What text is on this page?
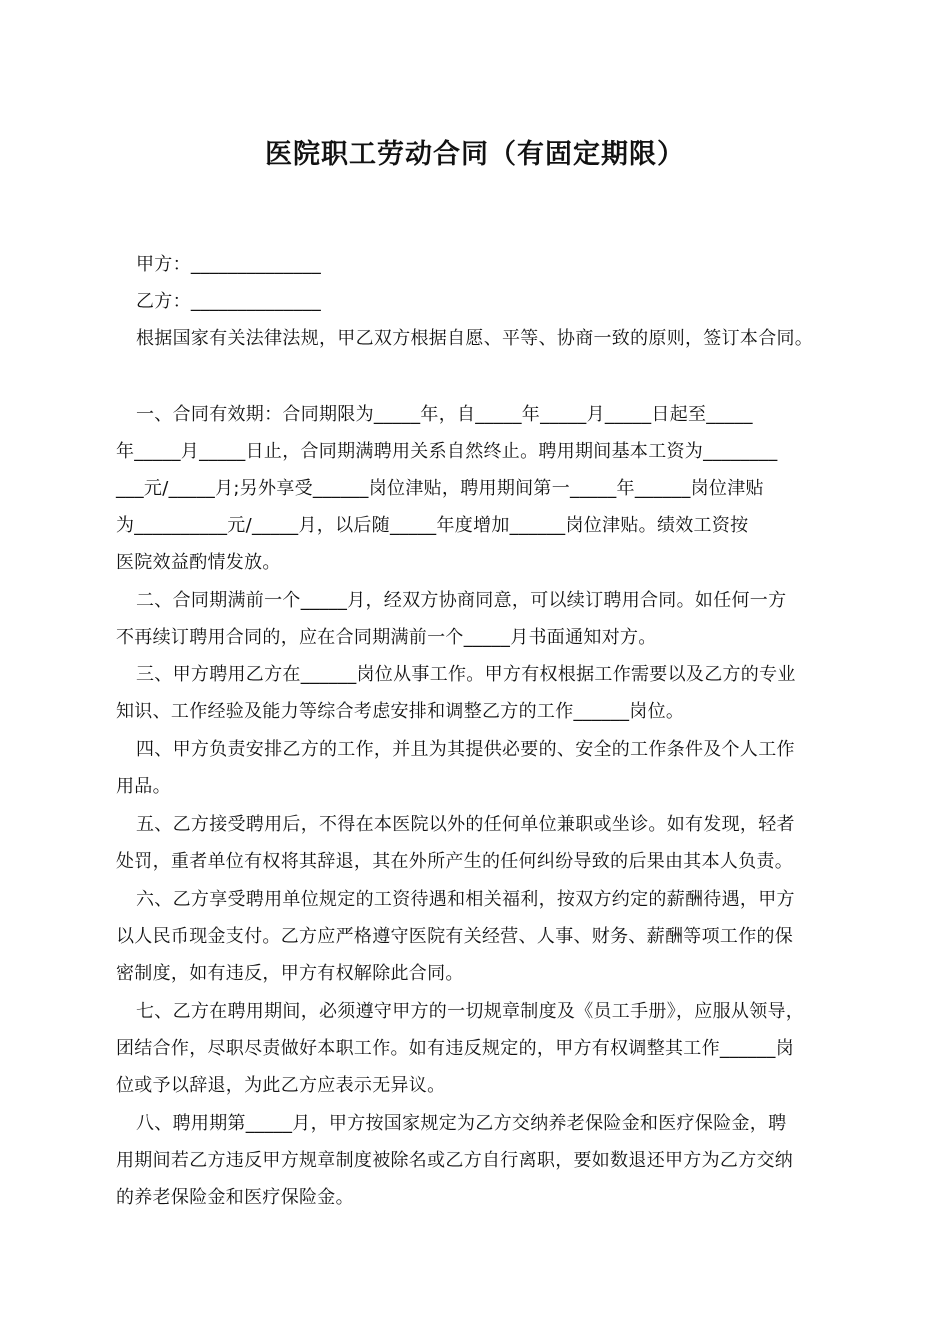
医院职工劳动合同（有固定期限）
甲方：______________
乙方：______________
根据国家有关法律法规，甲乙双方根据自愿、平等、协商一致的原则，签订本合同。
一、合同有效期：合同期限为_____年，自_____年_____月_____日起至_____
年_____月_____日止，合同期满聘用关系自然终止。聘用期间基本工资为________
___元/_____月;另外享受______岗位津贴，聘用期间第一_____年______岗位津贴
为__________元/_____月，以后随_____年度增加______岗位津贴。绩效工资按
医院效益酌情发放。
二、合同期满前一个_____月，经双方协商同意，可以续订聘用合同。如任何一方
不再续订聘用合同的，应在合同期满前一个_____月书面通知对方。
三、甲方聘用乙方在______岗位从事工作。甲方有权根据工作需要以及乙方的专业
知识、工作经验及能力等综合考虑安排和调整乙方的工作______岗位。
四、甲方负责安排乙方的工作，并且为其提供必要的、安全的工作条件及个人工作
用品。
五、乙方接受聘用后，不得在本医院以外的任何单位兼职或坐诊。如有发现，轻者
处罚，重者单位有权将其辞退，其在外所产生的任何纠纷导致的后果由其本人负责。
六、乙方享受聘用单位规定的工资待遇和相关福利，按双方约定的薪酬待遇，甲方
以人民币现金支付。乙方应严格遵守医院有关经营、人事、财务、薪酬等项工作的保
密制度，如有违反，甲方有权解除此合同。
七、乙方在聘用期间，必须遵守甲方的一切规章制度及《员工手册》，应服从领导，
团结合作，尽职尽责做好本职工作。如有违反规定的，甲方有权调整其工作______岗
位或予以辞退，为此乙方应表示无异议。
八、聘用期第_____月，甲方按国家规定为乙方交纳养老保险金和医疗保险金，聘
用期间若乙方违反甲方规章制度被除名或乙方自行离职，要如数退还甲方为乙方交纳
的养老保险金和医疗保险金。
